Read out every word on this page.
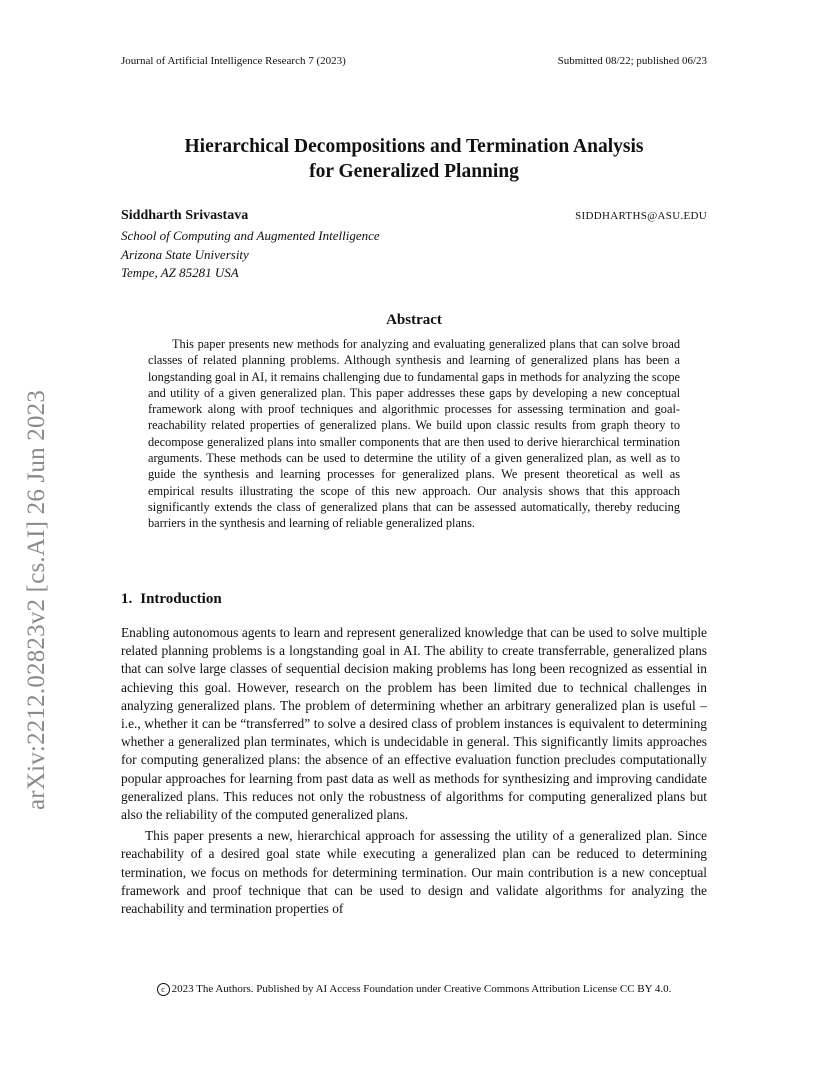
Journal of Artificial Intelligence Research 7 (2023)	Submitted 08/22; published 06/23
arXiv:2212.02823v2 [cs.AI] 26 Jun 2023
Hierarchical Decompositions and Termination Analysis
for Generalized Planning
Siddharth Srivastava	SIDDHARTHS@ASU.EDU
School of Computing and Augmented Intelligence
Arizona State University
Tempe, AZ 85281 USA
Abstract

This paper presents new methods for analyzing and evaluating generalized plans that can solve broad classes of related planning problems. Although synthesis and learning of generalized plans has been a longstanding goal in AI, it remains challenging due to fundamental gaps in methods for analyzing the scope and utility of a given generalized plan. This paper addresses these gaps by developing a new conceptual framework along with proof techniques and algorithmic processes for assessing termination and goal-reachability related properties of generalized plans. We build upon classic results from graph theory to decompose generalized plans into smaller components that are then used to derive hierarchical termination arguments. These methods can be used to determine the utility of a given generalized plan, as well as to guide the synthesis and learning processes for generalized plans. We present theoretical as well as empirical results illustrating the scope of this new approach. Our analysis shows that this approach significantly extends the class of generalized plans that can be assessed automatically, thereby reducing barriers in the synthesis and learning of reliable generalized plans.

1. Introduction

Enabling autonomous agents to learn and represent generalized knowledge that can be used to solve multiple related planning problems is a longstanding goal in AI. The ability to create transferrable, generalized plans that can solve large classes of sequential decision making problems has long been recognized as essential in achieving this goal. However, research on the problem has been limited due to technical challenges in analyzing generalized plans. The problem of determining whether an arbitrary generalized plan is useful – i.e., whether it can be “transferred” to solve a desired class of problem instances is equivalent to determining whether a generalized plan terminates, which is undecidable in general. This significantly limits approaches for computing generalized plans: the absence of an effective evaluation function precludes computationally popular approaches for learning from past data as well as methods for synthesizing and improving candidate generalized plans. This reduces not only the robustness of algorithms for computing generalized plans but also the reliability of the computed generalized plans.

This paper presents a new, hierarchical approach for assessing the utility of a generalized plan. Since reachability of a desired goal state while executing a generalized plan can be reduced to determining termination, we focus on methods for determining termination. Our main contribution is a new conceptual framework and proof technique that can be used to design and validate algorithms for analyzing the reachability and termination properties of

c 2023 The Authors. Published by AI Access Foundation under Creative Commons Attribution License CC BY 4.0.
